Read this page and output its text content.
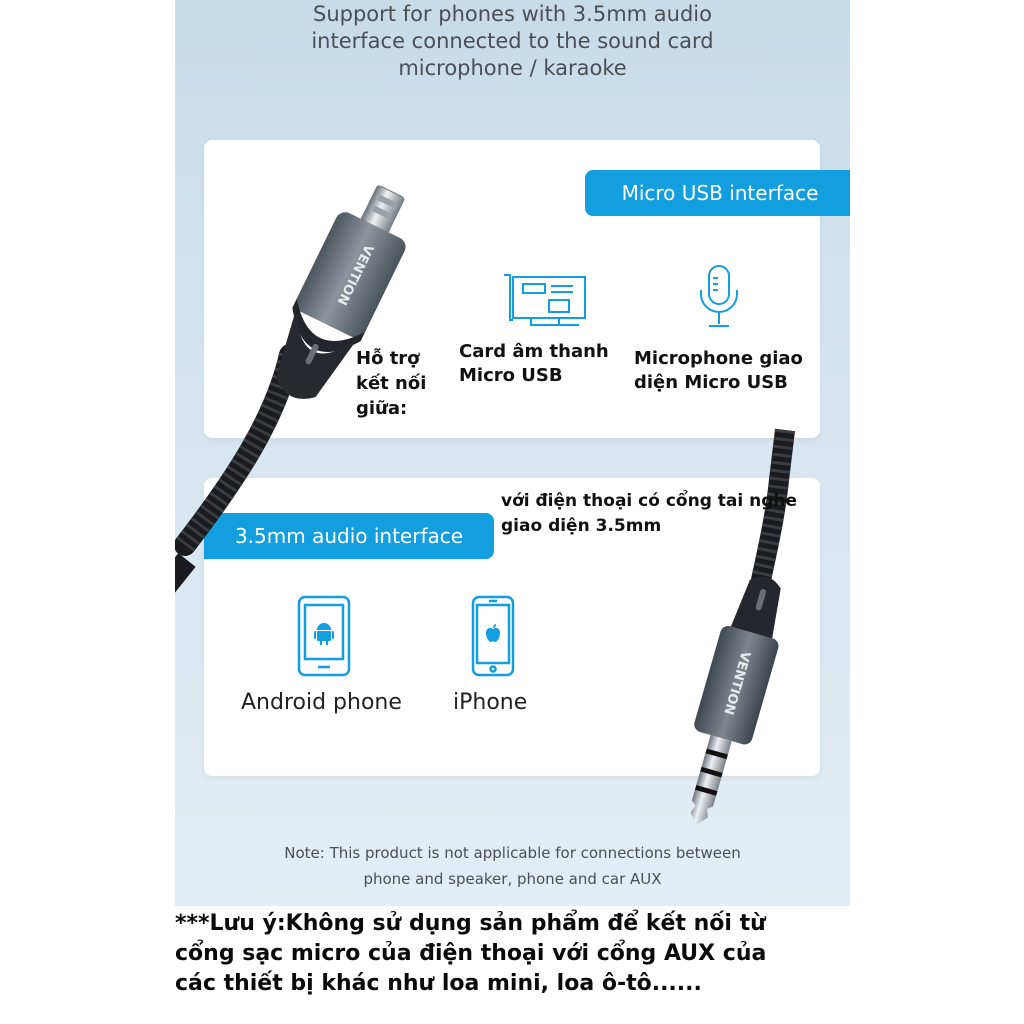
Support for phones with 3.5mm audio
interface connected to the sound card
microphone / karaoke
Micro USB interface
3.5mm audio interface
Hỗ trợ
kết nối
giữa:
Card âm thanh
Micro USB
Microphone giao
diện Micro USB
Android phone iPhone
VENTION
VENTION
với điện thoại có cổng tai nghe
giao diện 3.5mm
Note: This product is not applicable for connections between
phone and speaker, phone and car AUX
***Lưu ý:Không sử dụng sản phẩm để kết nối từ
cổng sạc micro của điện thoại với cổng AUX của
các thiết bị khác như loa mini, loa ô-tô......
